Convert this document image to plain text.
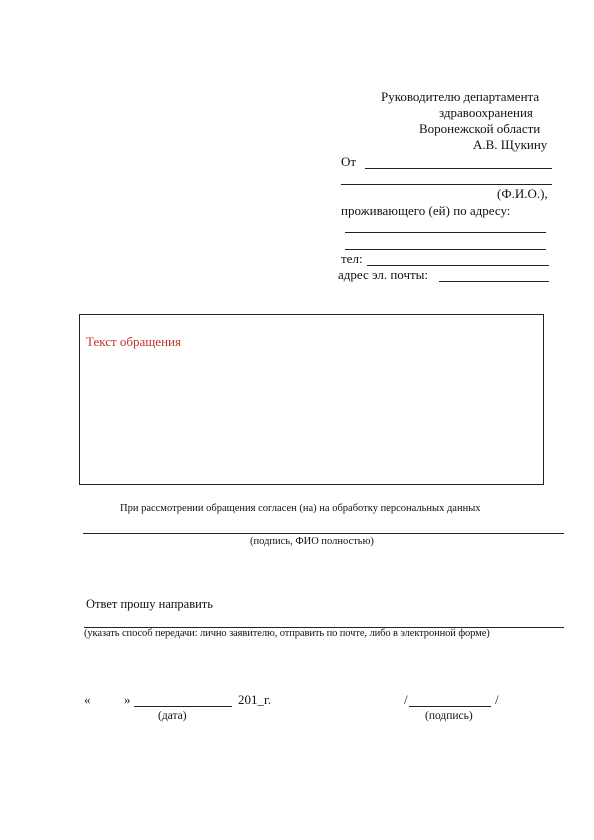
Руководителю департамента
здравоохранения
Воронежской области
А.В. Щукину
От
(Ф.И.О.),
проживающего (ей) по адресу:
тел:
адрес эл. почты:
Текст обращения
При рассмотрении обращения согласен (на) на обработку персональных данных
(подпись, ФИО полностью)
Ответ прошу направить
(указать способ передачи: лично заявителю, отправить по почте, либо в электронной форме)
«	»	201_г.
(дата)
/	/
(подпись)
